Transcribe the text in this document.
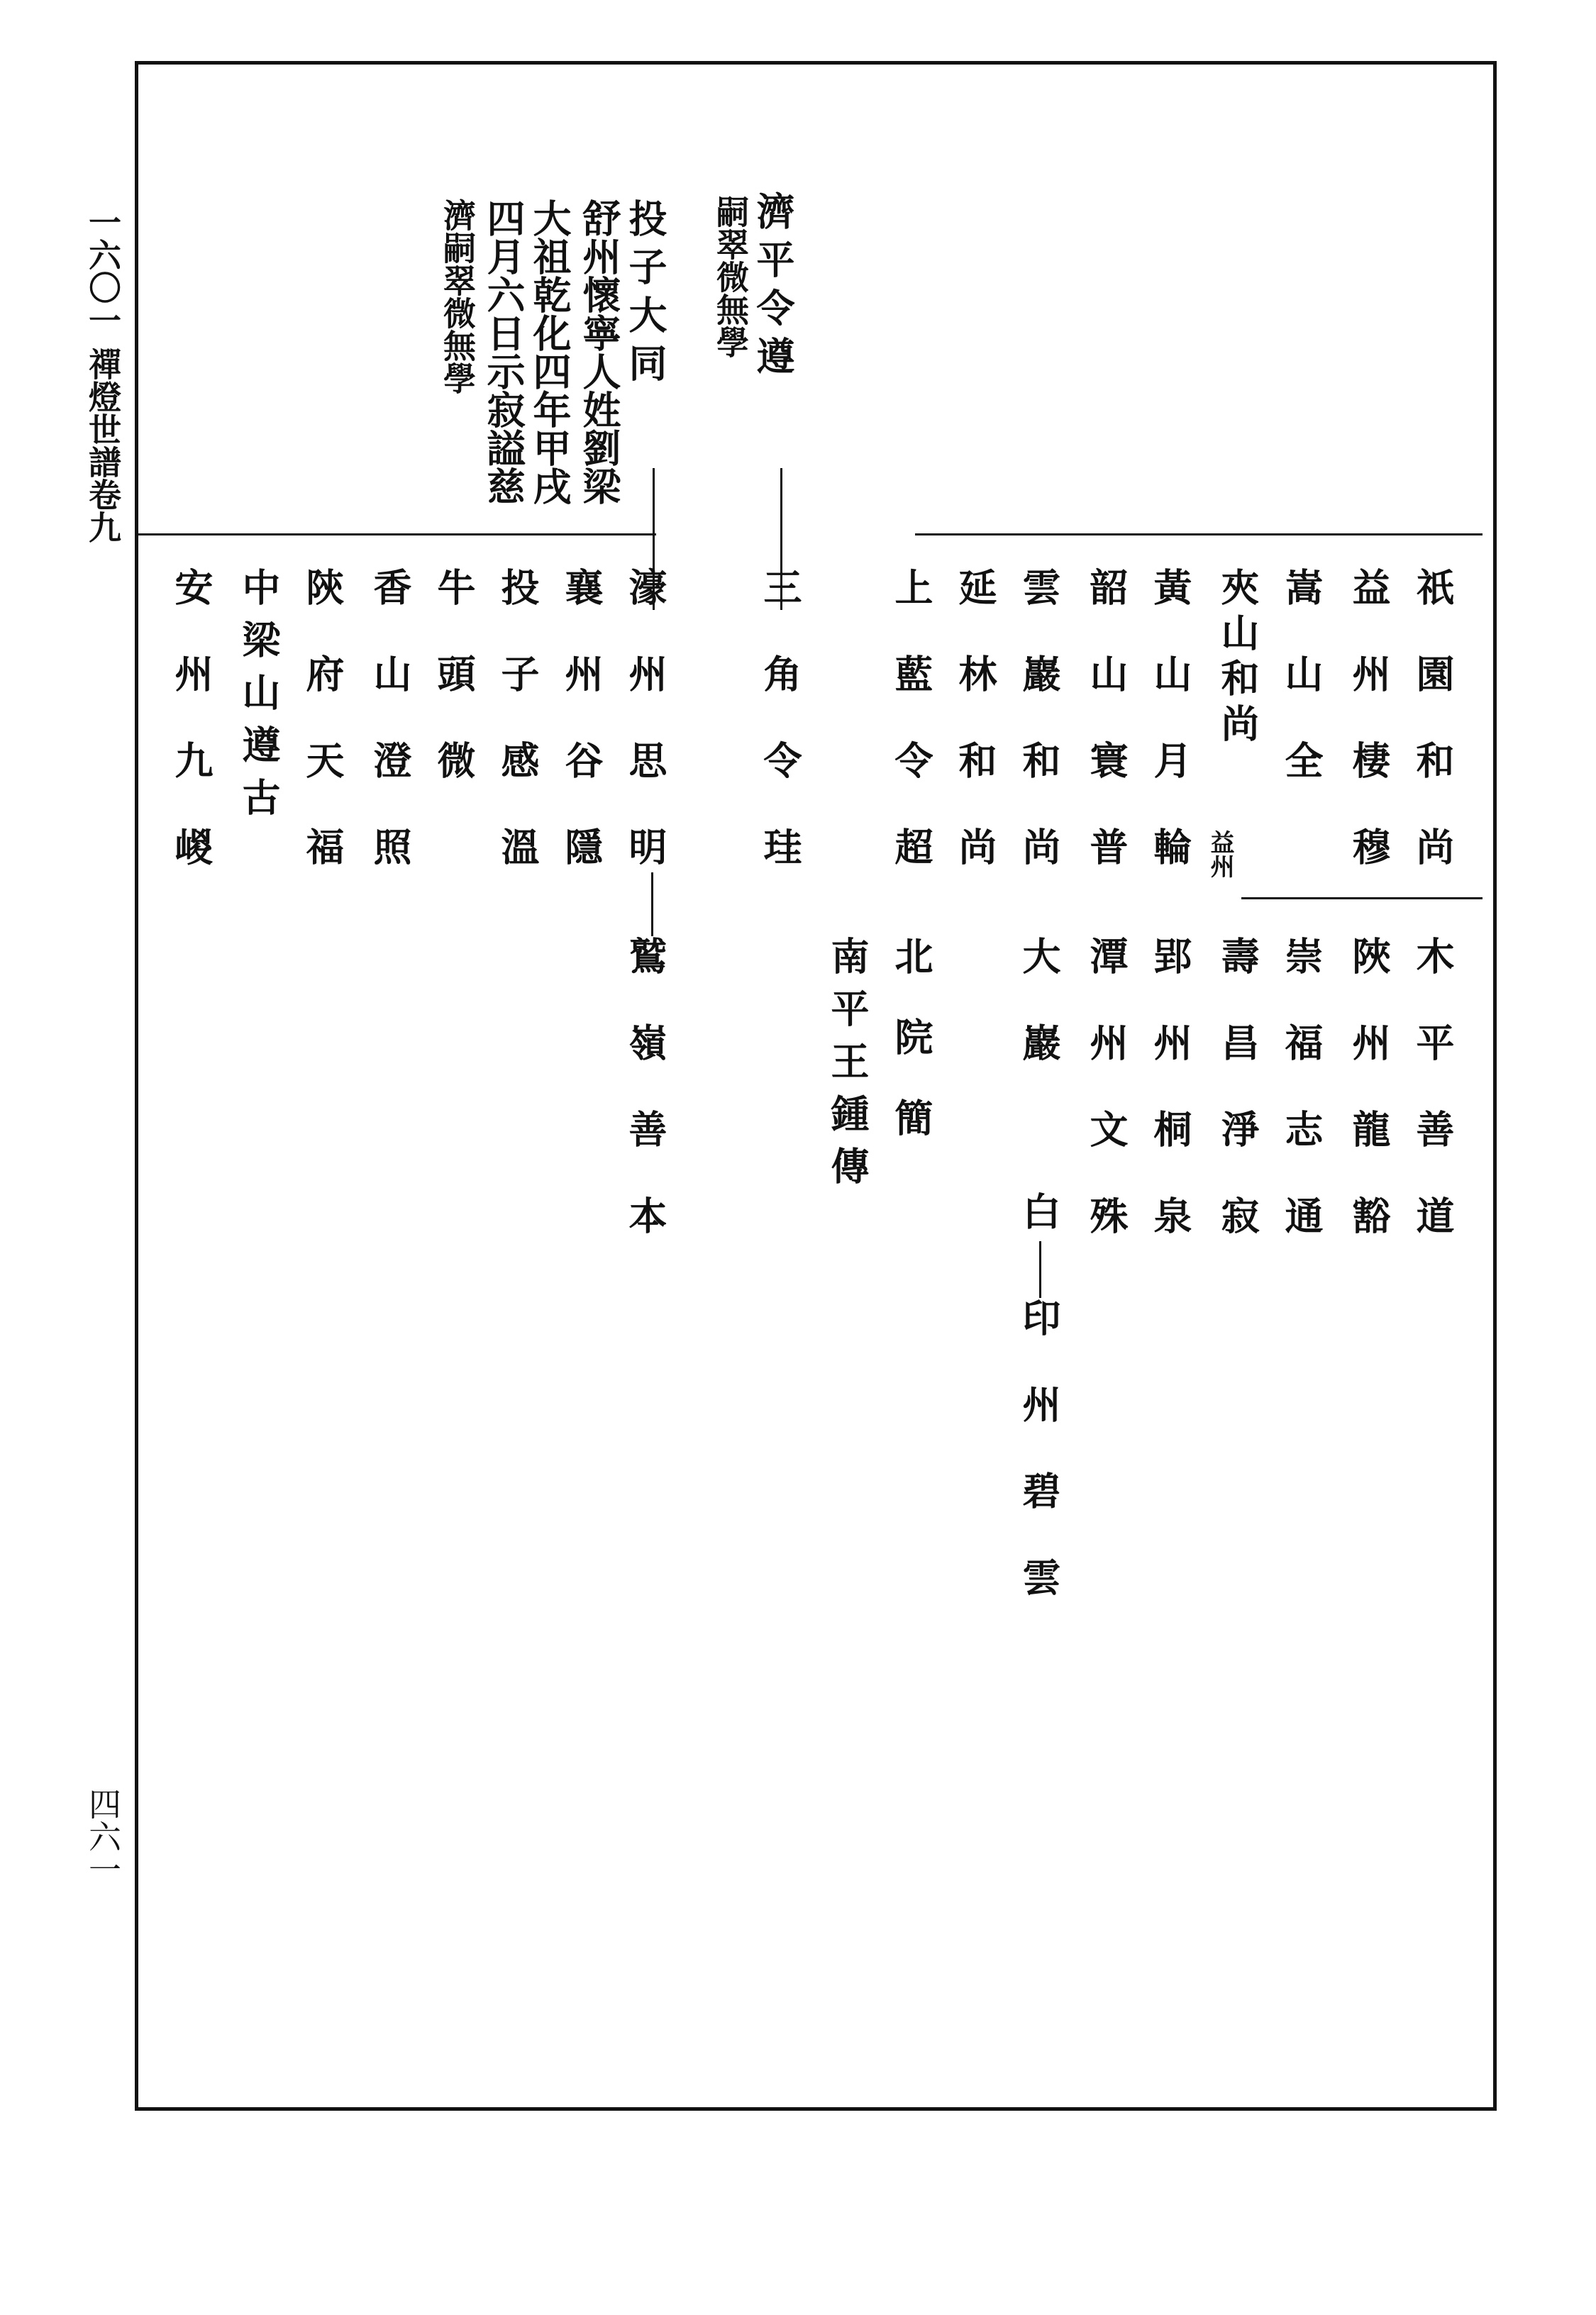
一六〇一
禪燈世譜卷九
四六一
濟平令遵
嗣翠微無學
投子大同
舒州懷寧人姓劉梁
大祖乾化四年甲戌
四月六日示寂謚慈
濟嗣翠微無學
三角令珪
濠州思明
鷲嶺善本
襄州谷隱
投子感溫
牛頭微
香山澄照
陝府天福
中梁山遵古
安州九嵕	祇園和尚
木平善道
益州棲穆
陜州龍豁
嵩山全
崇福志通
夾山和尚
益州
壽昌淨寂
黃山月輪
郢州桐泉
韶山寰普
潭州文殊
雲巖和尚
大巖
白
印州碧雲
延林和尚
上藍令超
北院簡
南平王鍾傳
